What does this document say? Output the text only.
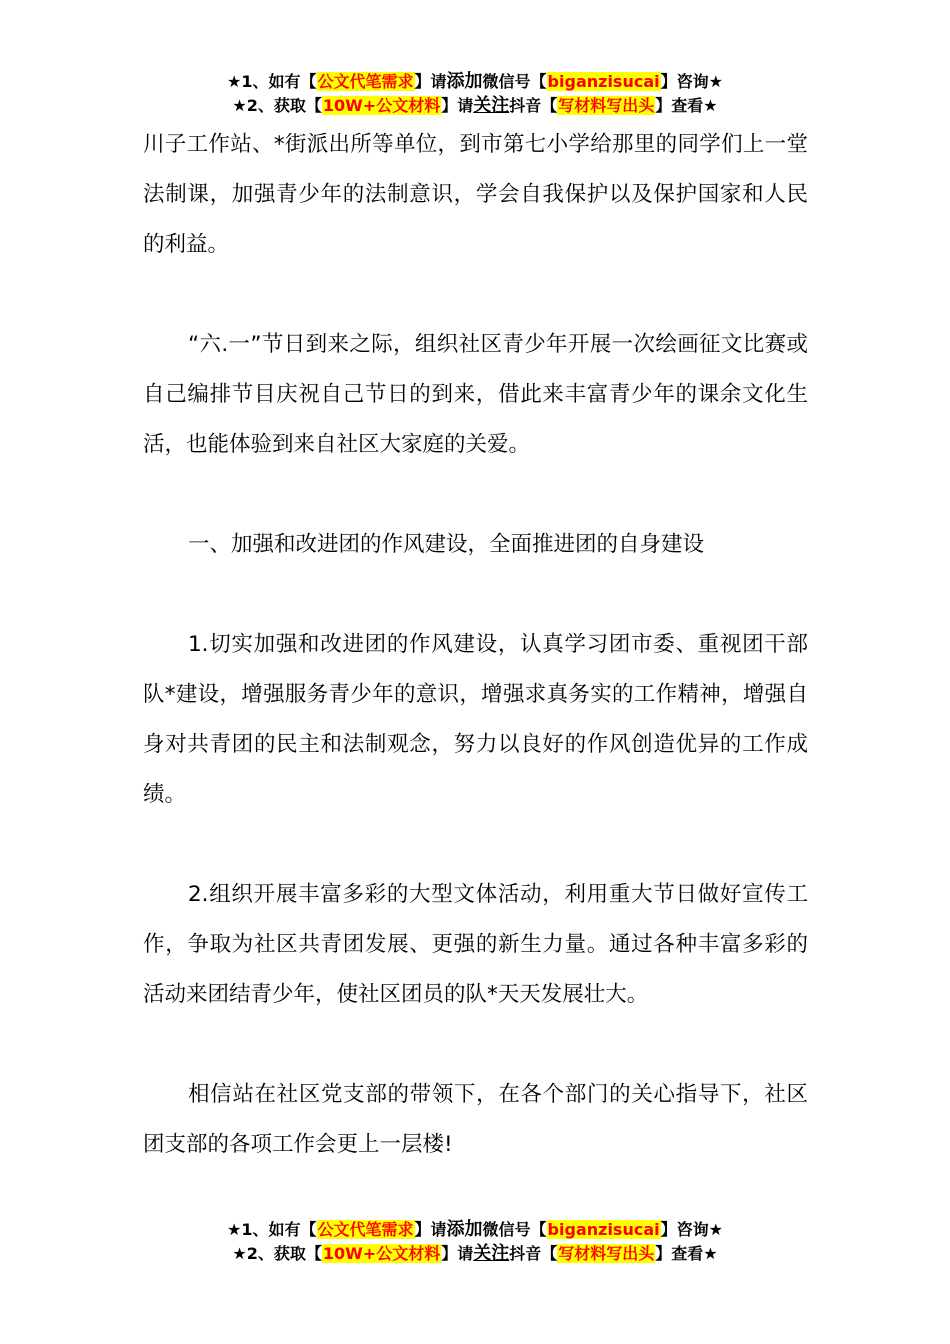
★1、如有【公文代笔需求】请添加微信号【biganzisucai】咨询★
★2、获取【10W+公文材料】请关注抖音【写材料写出头】查看★

川子工作站、*街派出所等单位，到市第七小学给那里的同学们上一堂法制课，加强青少年的法制意识，学会自我保护以及保护国家和人民的利益。

“六.一”节日到来之际，组织社区青少年开展一次绘画征文比赛或自己编排节目庆祝自己节日的到来，借此来丰富青少年的课余文化生活，也能体验到来自社区大家庭的关爱。

一、加强和改进团的作风建设，全面推进团的自身建设

1.切实加强和改进团的作风建设，认真学习团市委、重视团干部队*建设，增强服务青少年的意识，增强求真务实的工作精神，增强自身对共青团的民主和法制观念，努力以良好的作风创造优异的工作成绩。

2.组织开展丰富多彩的大型文体活动，利用重大节日做好宣传工作，争取为社区共青团发展、更强的新生力量。通过各种丰富多彩的活动来团结青少年，使社区团员的队*天天发展壮大。

相信站在社区党支部的带领下，在各个部门的关心指导下，社区团支部的各项工作会更上一层楼!

★1、如有【公文代笔需求】请添加微信号【biganzisucai】咨询★
★2、获取【10W+公文材料】请关注抖音【写材料写出头】查看★
